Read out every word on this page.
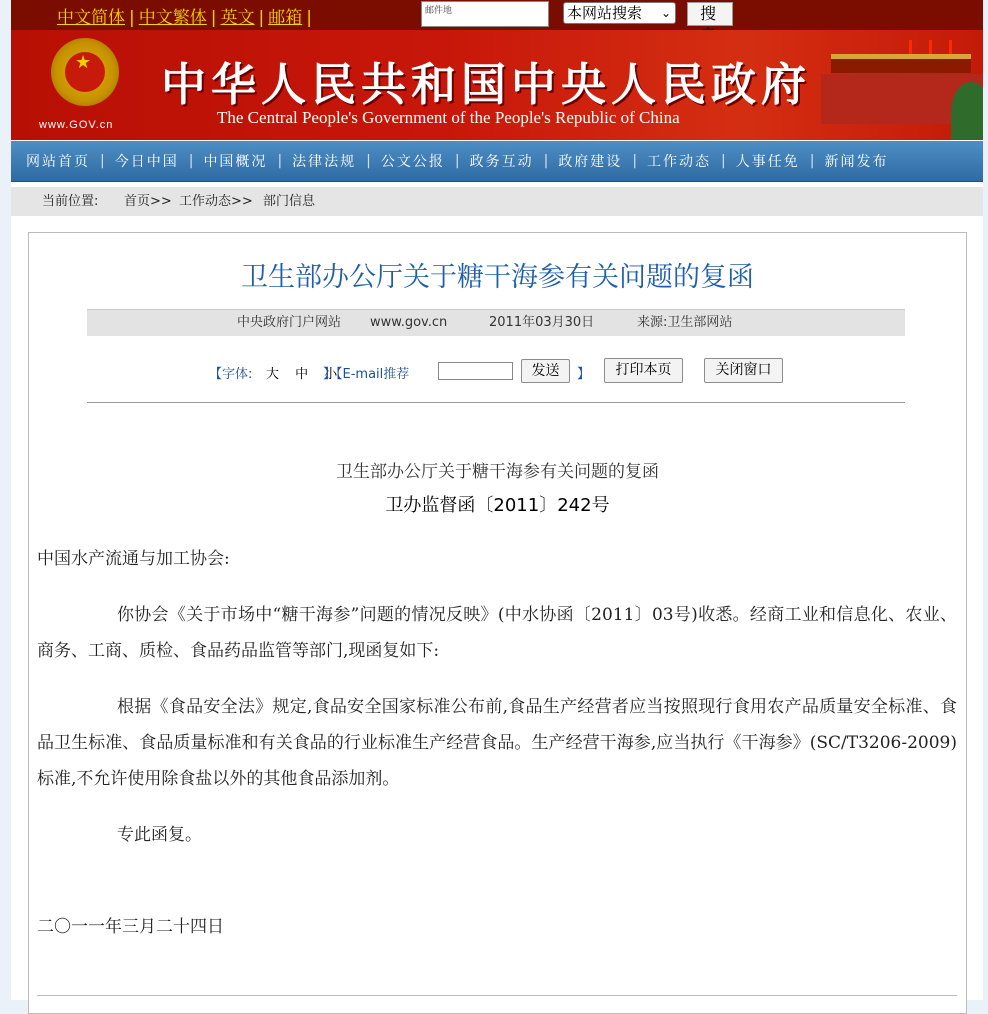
中文简体 | 中文繁体 | 英文 | 邮箱 |	邮件地	本网站搜索 ⌄	搜
★
www.GOV.cn
中华人民共和国中央人民政府
The Central People's Government of the People's Republic of China
网站首页 | 今日中国 | 中国概况 | 法律法规 | 公文公报 | 政务互动 | 政府建设 | 工作动态 | 人事任免 | 新闻发布
当前位置: 首页>> 工作动态>> 部门信息
卫生部办公厅关于糖干海参有关问题的复函
中央政府门户网站 www.gov.cn	2011年03月30日	来源:卫生部网站
【字体: 大 中 小
】【E-mail推荐	发送	】	打印本页	关闭窗口
卫生部办公厅关于糖干海参有关问题的复函
卫办监督函〔2011〕242号
中国水产流通与加工协会:
你协会《关于市场中“糖干海参”问题的情况反映》(中水协函〔2011〕03号)收悉。经商工业和信息化、农业、商务、工商、质检、食品药品监管等部门,现函复如下:
根据《食品安全法》规定,食品安全国家标准公布前,食品生产经营者应当按照现行食用农产品质量安全标准、食品卫生标准、食品质量标准和有关食品的行业标准生产经营食品。生产经营干海参,应当执行《干海参》(SC/T3206-2009)标准,不允许使用除食盐以外的其他食品添加剂。
专此函复。
二〇一一年三月二十四日
